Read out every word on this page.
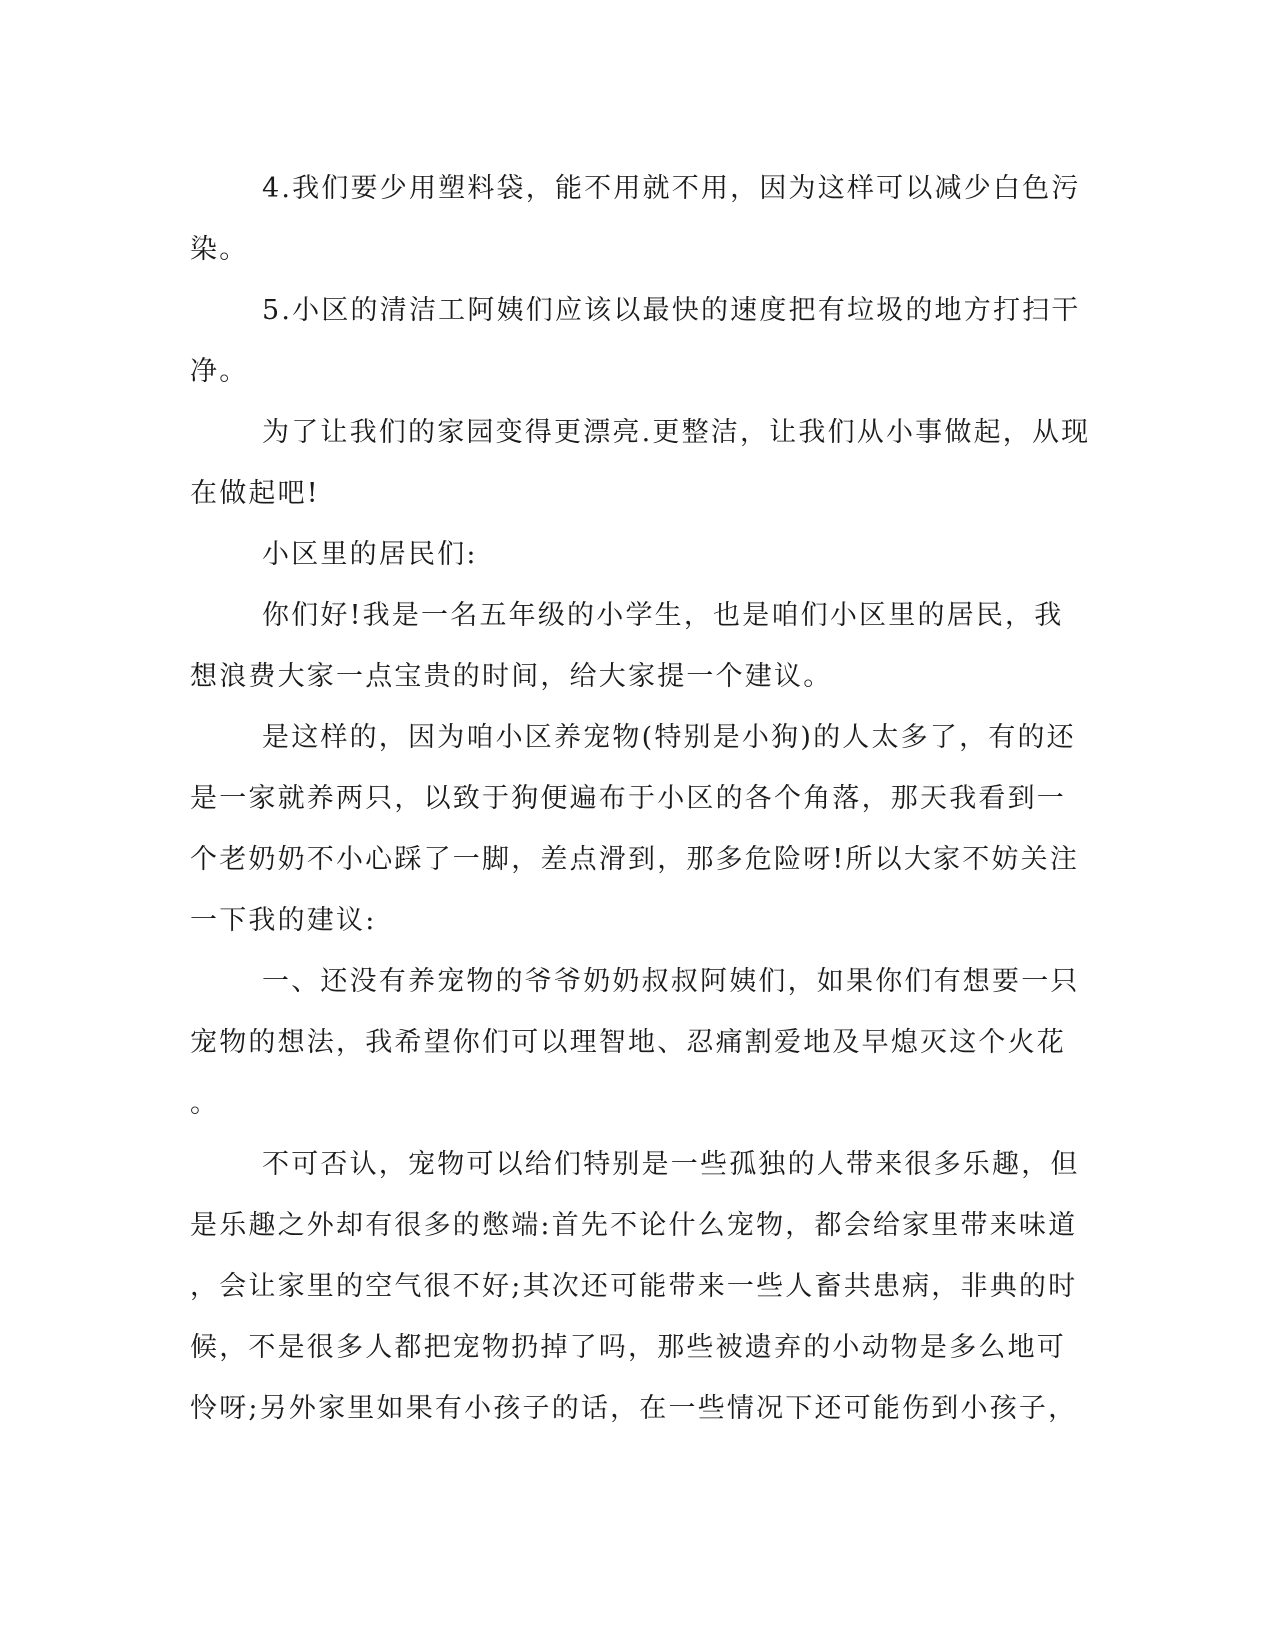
4.我们要少用塑料袋，能不用就不用，因为这样可以减少白色污
染。
5.小区的清洁工阿姨们应该以最快的速度把有垃圾的地方打扫干
净。
为了让我们的家园变得更漂亮.更整洁，让我们从小事做起，从现
在做起吧!
小区里的居民们:
你们好!我是一名五年级的小学生，也是咱们小区里的居民，我
想浪费大家一点宝贵的时间，给大家提一个建议。
是这样的，因为咱小区养宠物(特别是小狗)的人太多了，有的还
是一家就养两只，以致于狗便遍布于小区的各个角落，那天我看到一
个老奶奶不小心踩了一脚，差点滑到，那多危险呀!所以大家不妨关注
一下我的建议:
一、还没有养宠物的爷爷奶奶叔叔阿姨们，如果你们有想要一只
宠物的想法，我希望你们可以理智地、忍痛割爱地及早熄灭这个火花
。
不可否认，宠物可以给们特别是一些孤独的人带来很多乐趣，但
是乐趣之外却有很多的憋端:首先不论什么宠物，都会给家里带来味道
，会让家里的空气很不好;其次还可能带来一些人畜共患病，非典的时
候，不是很多人都把宠物扔掉了吗，那些被遗弃的小动物是多么地可
怜呀;另外家里如果有小孩子的话，在一些情况下还可能伤到小孩子，
